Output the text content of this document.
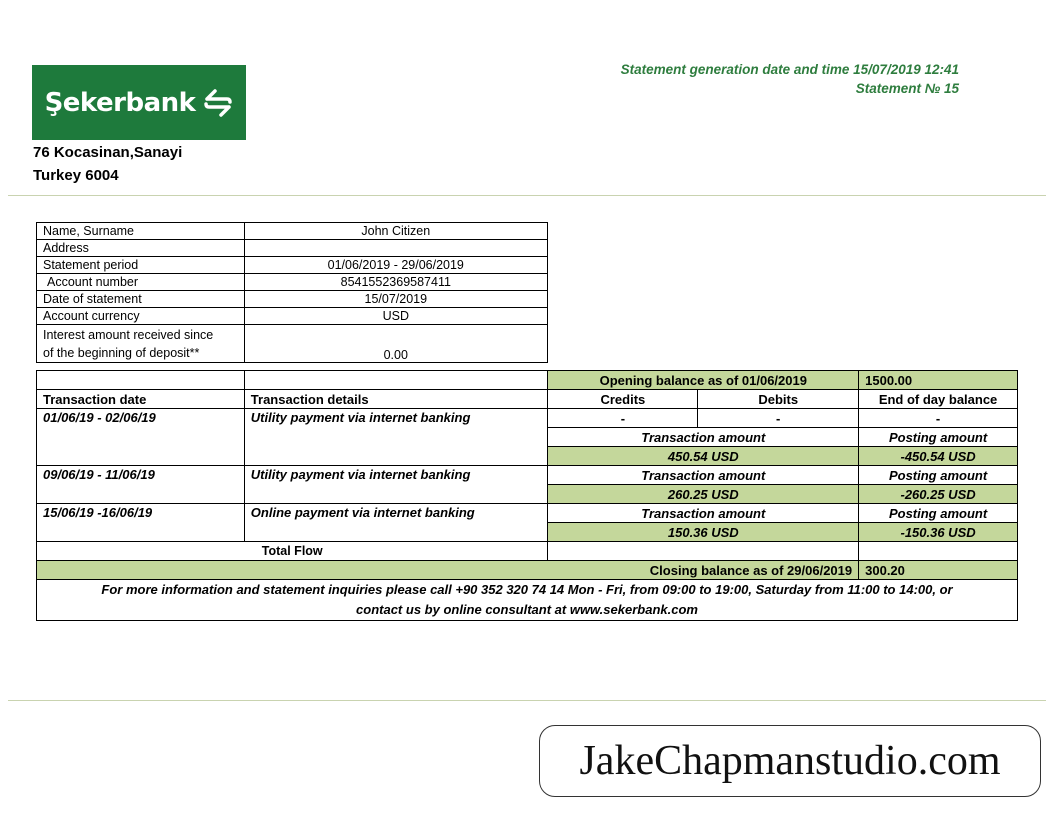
Şekerbank
76 Kocasinan,Sanayi
Turkey 6004
Statement generation date and time 15/07/2019 12:41
Statement № 15
Name, Surname	John Citizen
Address	
Statement period	01/06/2019 - 29/06/2019
Account number	8541552369587411
Date of statement	15/07/2019
Account currency	USD

Interest amount received since
of the beginning of deposit**	0.00
		Opening balance as of 01/06/2019		1500.00
Transaction date	Transaction details	Credits	Debits	End of day balance
01/06/19 - 02/06/19	Utility payment via internet banking	-	-	-
		Transaction amount		Posting amount
		450.54 USD		-450.54 USD
09/06/19 - 11/06/19	Utility payment via internet banking	Transaction amount		Posting amount
		260.25 USD		-260.25 USD
15/06/19 -16/06/19	Online payment via internet banking	Transaction amount		Posting amount
		150.36 USD		-150.36 USD
Total Flow				
Closing balance as of 29/06/2019				300.20

For more information and statement inquiries please call +90 352 320 74 14 Mon - Fri, from 09:00 to 19:00, Saturday from 11:00 to 14:00, or
contact us by online consultant at www.sekerbank.com				
JakeChapmanstudio.com
